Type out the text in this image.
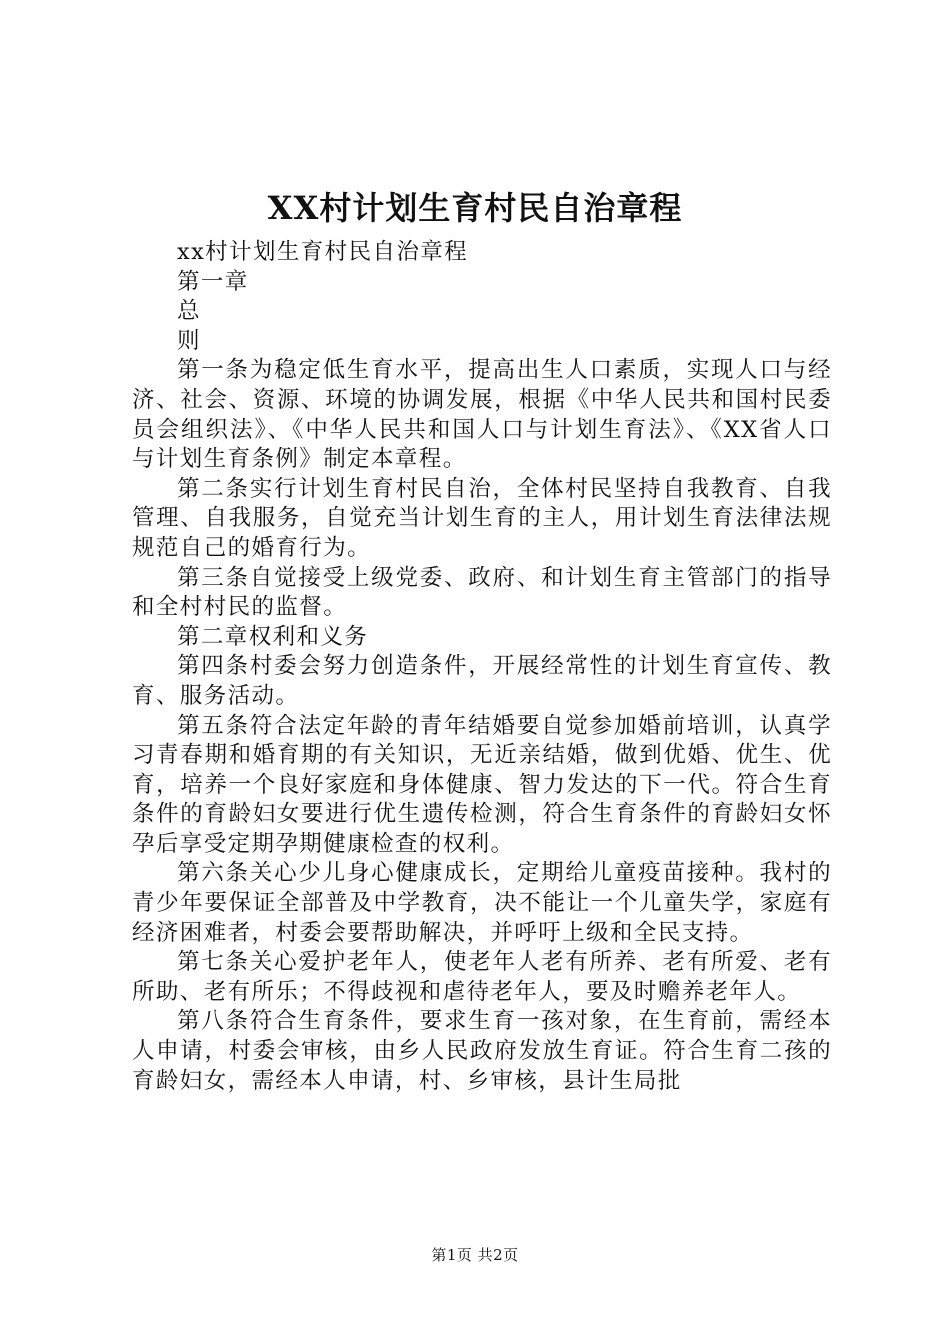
XX村计划生育村民自治章程

xx村计划生育村民自治章程

第一章

总

则

第一条为稳定低生育水平，提高出生人口素质，实现人口与经济、社会、资源、环境的协调发展，根据《中华人民共和国村民委员会组织法》、《中华人民共和国人口与计划生育法》、《XX省人口与计划生育条例》制定本章程。

第二条实行计划生育村民自治，全体村民坚持自我教育、自我管理、自我服务，自觉充当计划生育的主人，用计划生育法律法规规范自己的婚育行为。

第三条自觉接受上级党委、政府、和计划生育主管部门的指导和全村村民的监督。

第二章权利和义务

第四条村委会努力创造条件，开展经常性的计划生育宣传、教育、服务活动。

第五条符合法定年龄的青年结婚要自觉参加婚前培训，认真学习青春期和婚育期的有关知识，无近亲结婚，做到优婚、优生、优育，培养一个良好家庭和身体健康、智力发达的下一代。符合生育条件的育龄妇女要进行优生遗传检测，符合生育条件的育龄妇女怀孕后享受定期孕期健康检查的权利。

第六条关心少儿身心健康成长，定期给儿童疫苗接种。我村的青少年要保证全部普及中学教育，决不能让一个儿童失学，家庭有经济困难者，村委会要帮助解决，并呼吁上级和全民支持。

第七条关心爱护老年人，使老年人老有所养、老有所爱、老有所助、老有所乐；不得歧视和虐待老年人，要及时赡养老年人。

第八条符合生育条件，要求生育一孩对象，在生育前，需经本人申请，村委会审核，由乡人民政府发放生育证。符合生育二孩的育龄妇女，需经本人申请，村、乡审核，县计生局批

第1页 共2页
